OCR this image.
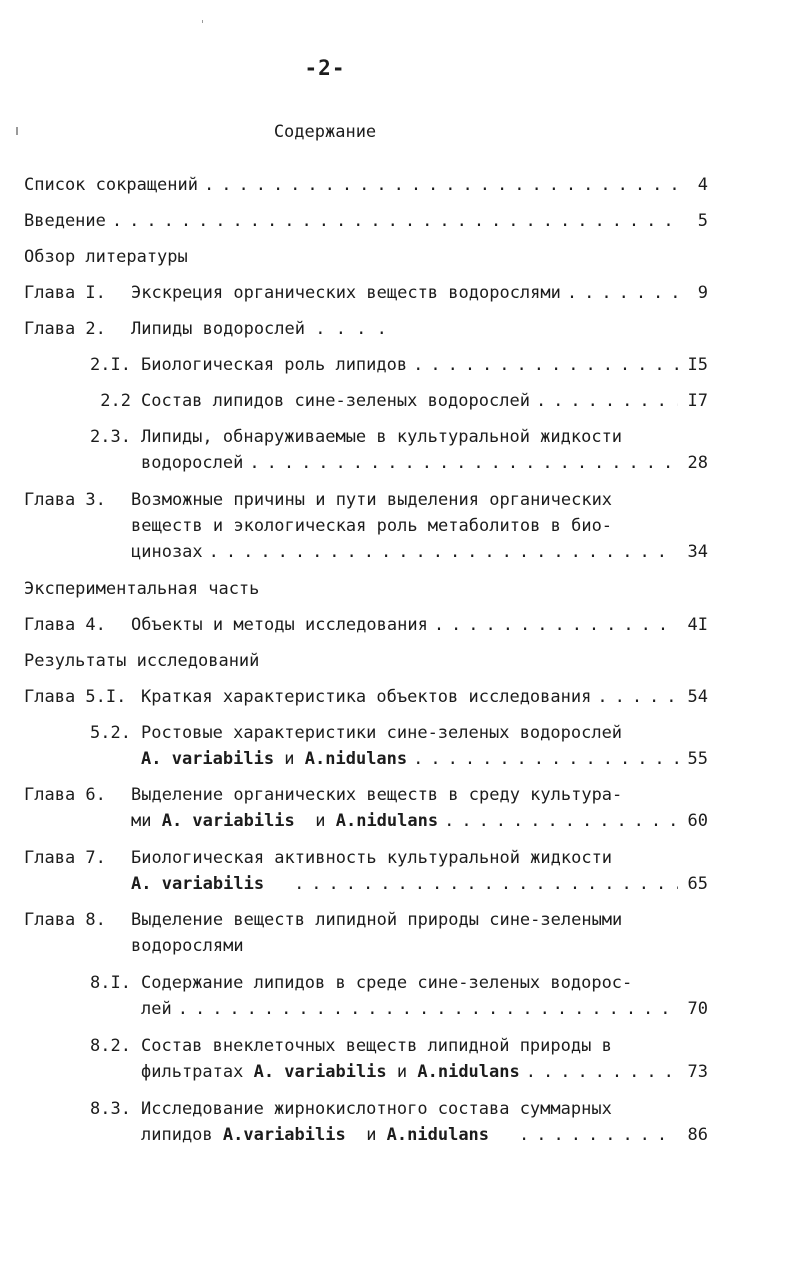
-2-
Содержание
Список сокращений .....	4
Введение .....	5
Обзор литературы
Глава I.	Экскреция органических веществ водорослями .....	9
Глава 2.	Липиды водорослей . . . .
2.I. Биологическая роль липидов .....	I5
2.2 Состав липидов сине-зеленых водорослей .....	I7
2.3. Липиды, обнаруживаемые в культуральной жидкости
водорослей .....	28
Глава 3.	Возможные причины и пути выделения органических
веществ и экологическая роль метаболитов в био-
цинозах .....	34
Экспериментальная часть
Глава 4.	Объекты и методы исследования .....	4I
Результаты исследований
Глава 5.I. Краткая характеристика объектов исследования .....	54
5.2. Ростовые характеристики сине-зеленых водорослей
A. variabilis и A.nidulans .....	55
Глава 6.	Выделение органических веществ в среду культура-
ми A. variabilis и A.nidulans .....	60
Глава 7.	Биологическая активность культуральной жидкости
A. variabilis .....	65
Глава 8.	Выделение веществ липидной природы сине-зелеными
водорослями
8.I. Содержание липидов в среде сине-зеленых водорос-
лей .....	70
8.2. Состав внеклеточных веществ липидной природы в
фильтратах A. variabilis и A.nidulans .....	73
8.3. Исследование жирнокислотного состава суммарных
липидов A.variabilis и A.nidulans .....	86
